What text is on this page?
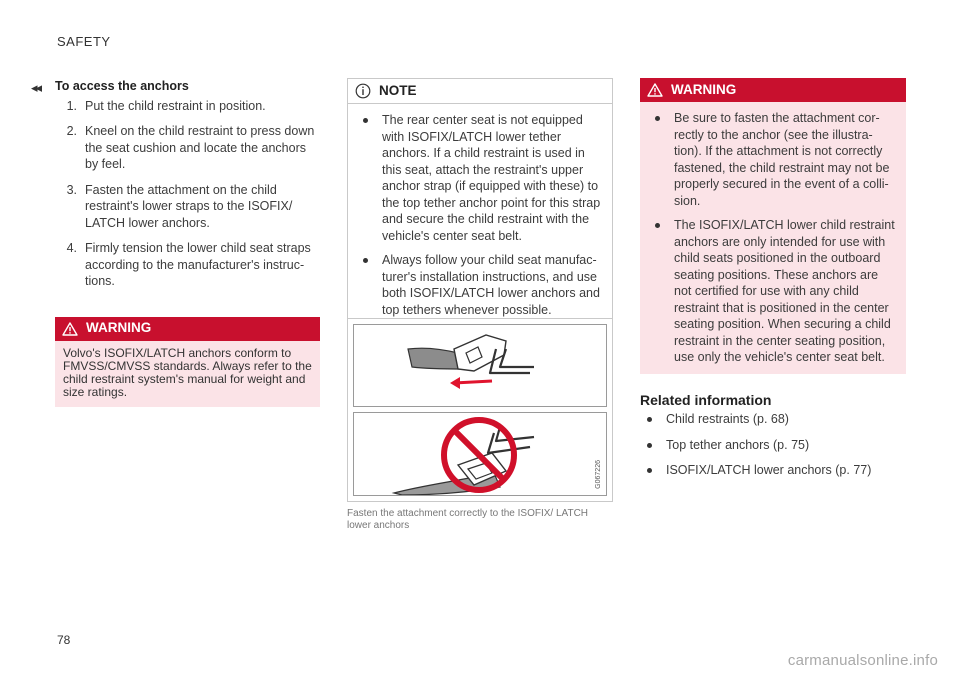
SAFETY
◂◂ To access the anchors
1. Put the child restraint in position.
2. Kneel on the child restraint to press down the seat cushion and locate the anchors by feel.
3. Fasten the attachment on the child restraint's lower straps to the ISOFIX/ LATCH lower anchors.
4. Firmly tension the lower child seat straps according to the manufacturer's instruc- tions.
WARNING
Volvo's ISOFIX/LATCH anchors conform to FMVSS/CMVSS standards. Always refer to the child restraint system's manual for weight and size ratings.
NOTE
The rear center seat is not equipped with ISOFIX/LATCH lower tether anchors. If a child restraint is used in this seat, attach the restraint's upper anchor strap (if equipped with these) to the top tether anchor point for this strap and secure the child restraint with the vehicle's center seat belt.
Always follow your child seat manufac- turer's installation instructions, and use both ISOFIX/LATCH lower anchors and top tethers whenever possible.
G067226
Fasten the attachment correctly to the ISOFIX/ LATCH lower anchors
WARNING
Be sure to fasten the attachment cor- rectly to the anchor (see the illustra- tion). If the attachment is not correctly fastened, the child restraint may not be properly secured in the event of a colli- sion.
The ISOFIX/LATCH lower child restraint anchors are only intended for use with child seats positioned in the outboard seating positions. These anchors are not certified for use with any child restraint that is positioned in the center seating position. When securing a child restraint in the center seating position, use only the vehicle's center seat belt.
Related information
Child restraints (p. 68)
Top tether anchors (p. 75)
ISOFIX/LATCH lower anchors (p. 77)
78
carmanualsonline.info
